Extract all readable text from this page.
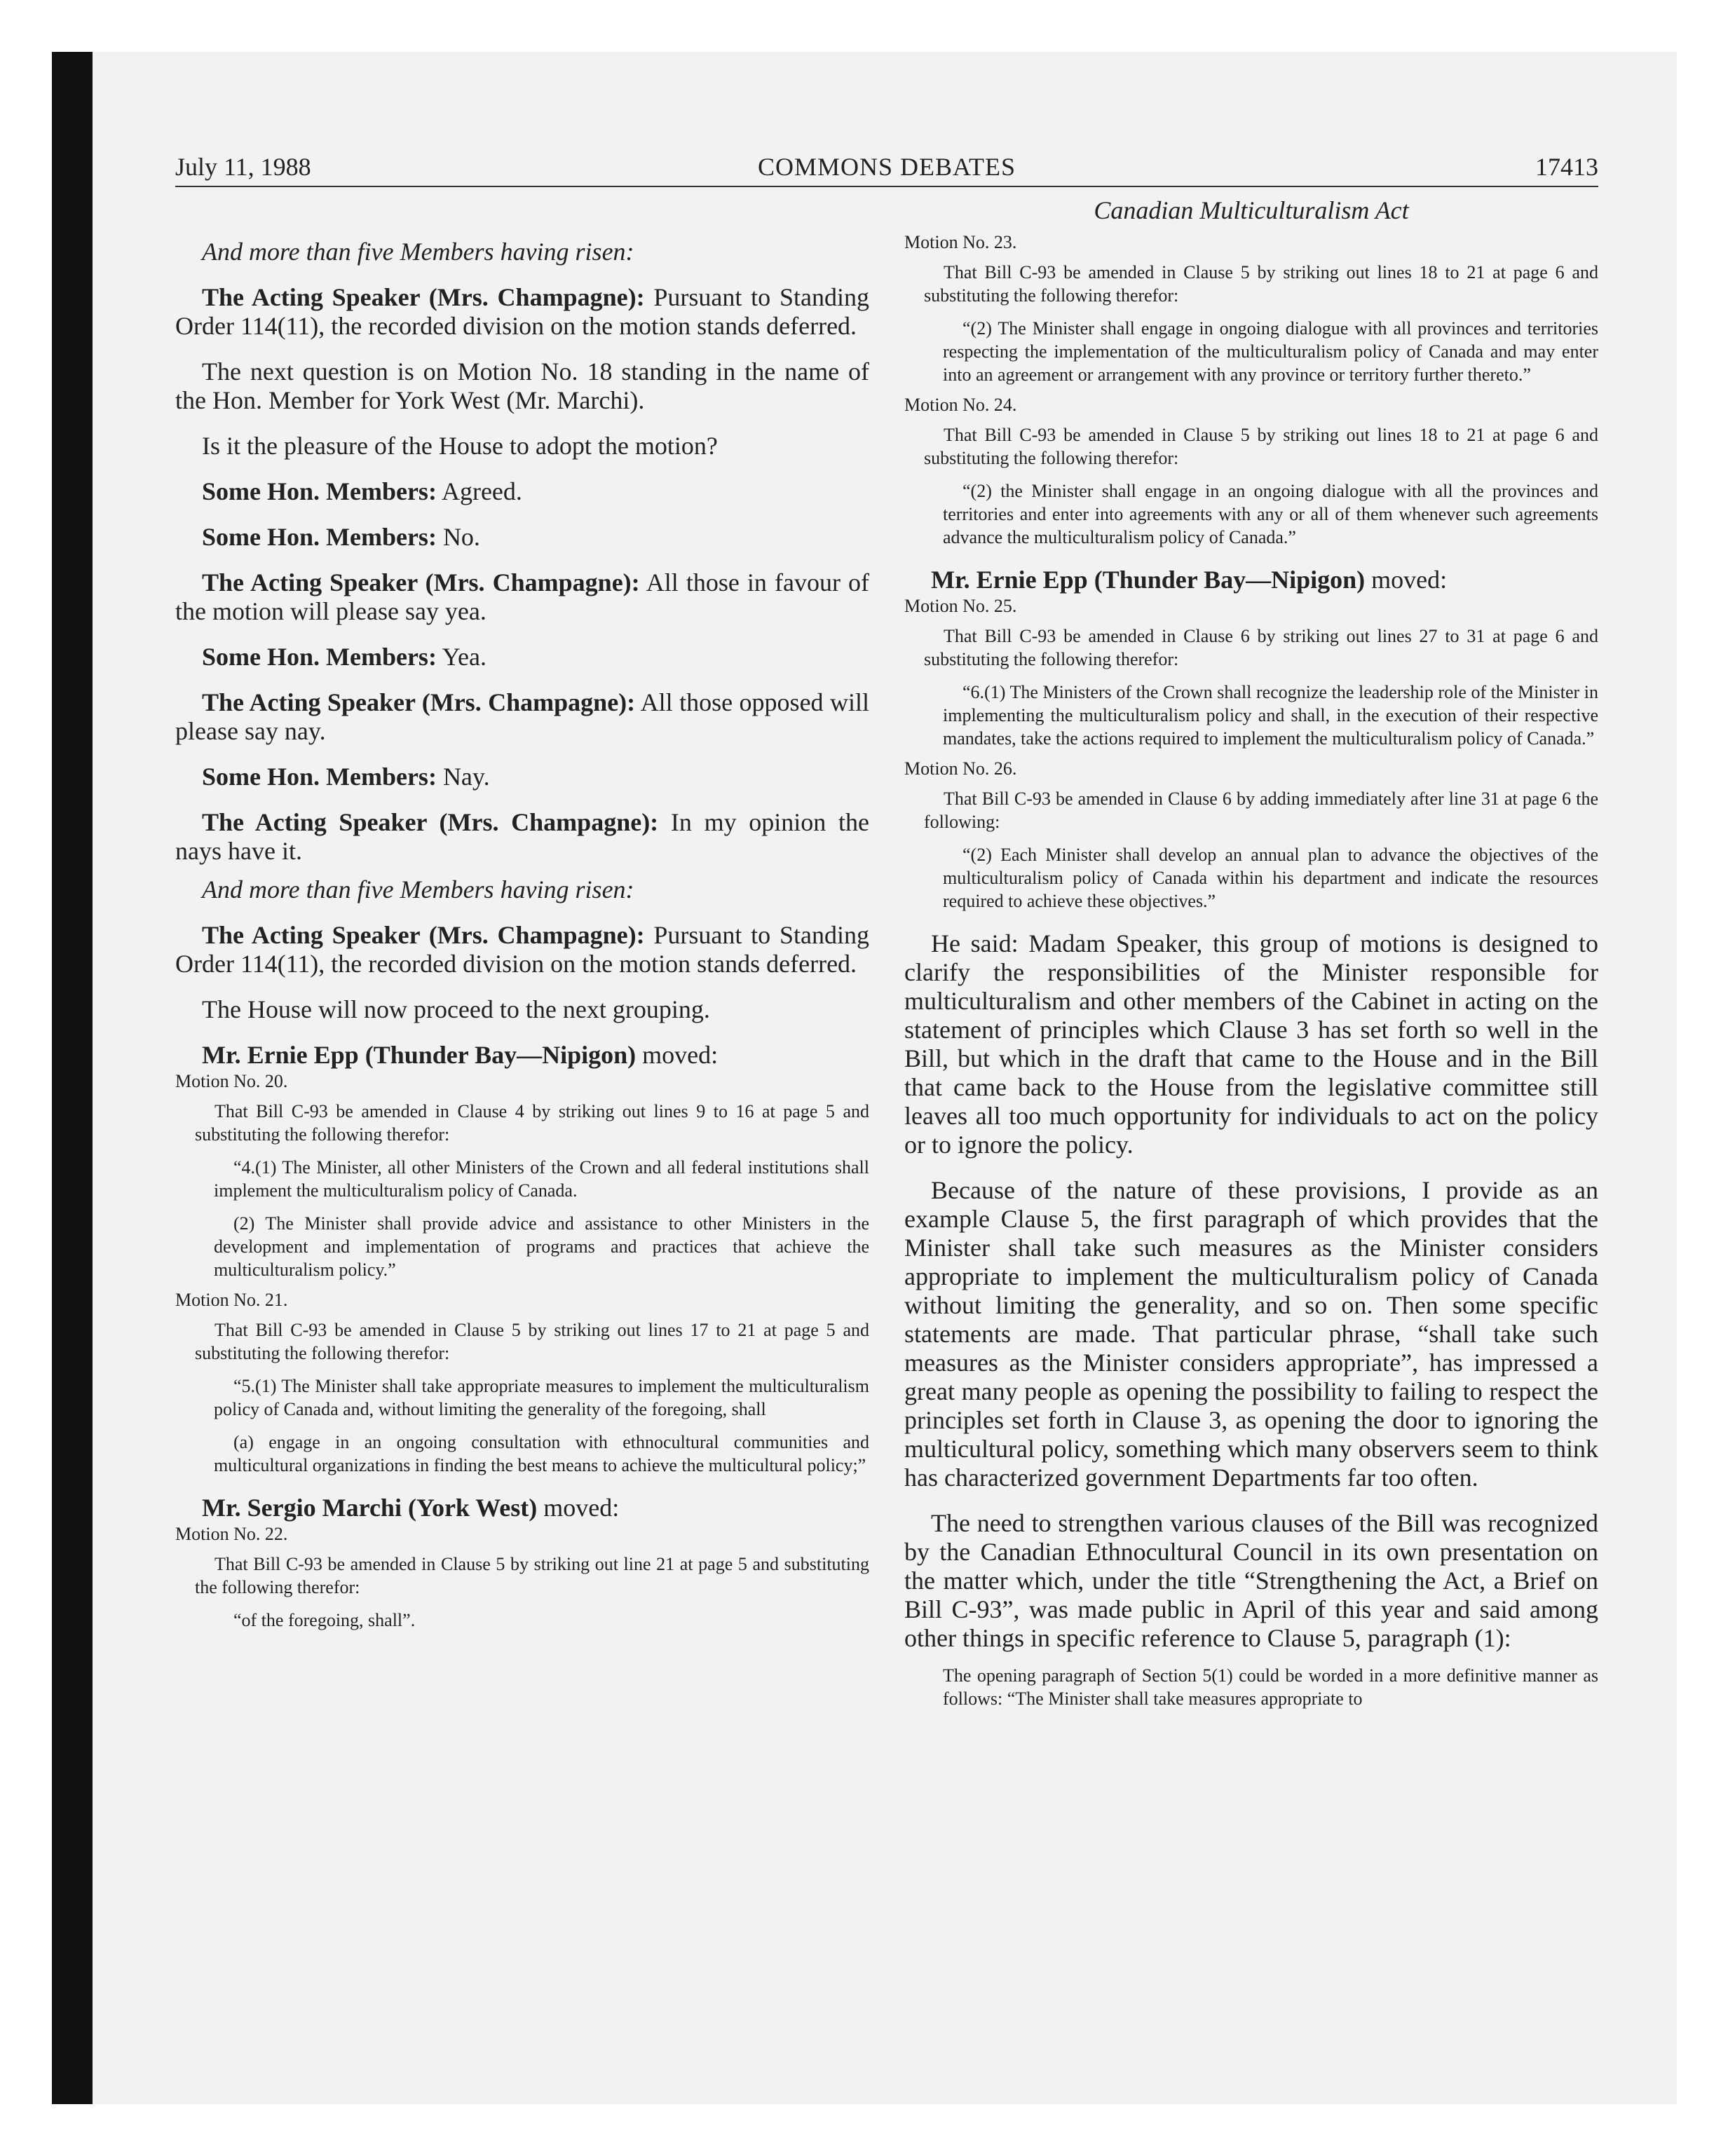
July 11, 1988	COMMONS DEBATES	17413

And more than five Members having risen:

The Acting Speaker (Mrs. Champagne): Pursuant to Standing Order 114(11), the recorded division on the motion stands deferred.

The next question is on Motion No. 18 standing in the name of the Hon. Member for York West (Mr. Marchi).

Is it the pleasure of the House to adopt the motion?

Some Hon. Members: Agreed.

Some Hon. Members: No.

The Acting Speaker (Mrs. Champagne): All those in favour of the motion will please say yea.

Some Hon. Members: Yea.

The Acting Speaker (Mrs. Champagne): All those opposed will please say nay.

Some Hon. Members: Nay.

The Acting Speaker (Mrs. Champagne): In my opinion the nays have it.

And more than five Members having risen:

The Acting Speaker (Mrs. Champagne): Pursuant to Standing Order 114(11), the recorded division on the motion stands deferred.

The House will now proceed to the next grouping.

Mr. Ernie Epp (Thunder Bay—Nipigon) moved:

Motion No. 20.

That Bill C-93 be amended in Clause 4 by striking out lines 9 to 16 at page 5 and substituting the following therefor:

“4.(1) The Minister, all other Ministers of the Crown and all federal institutions shall implement the multiculturalism policy of Canada.

(2) The Minister shall provide advice and assistance to other Ministers in the development and implementation of programs and practices that achieve the multiculturalism policy.”

Motion No. 21.

That Bill C-93 be amended in Clause 5 by striking out lines 17 to 21 at page 5 and substituting the following therefor:

“5.(1) The Minister shall take appropriate measures to implement the multiculturalism policy of Canada and, without limiting the generality of the foregoing, shall

(a) engage in an ongoing consultation with ethnocultural communities and multicultural organizations in finding the best means to achieve the multicultural policy;”

Mr. Sergio Marchi (York West) moved:

Motion No. 22.

That Bill C-93 be amended in Clause 5 by striking out line 21 at page 5 and substituting the following therefor:

“of the foregoing, shall”.

Canadian Multiculturalism Act

Motion No. 23.

That Bill C-93 be amended in Clause 5 by striking out lines 18 to 21 at page 6 and substituting the following therefor:

“(2) The Minister shall engage in ongoing dialogue with all provinces and territories respecting the implementation of the multiculturalism policy of Canada and may enter into an agreement or arrangement with any province or territory further thereto.”

Motion No. 24.

That Bill C-93 be amended in Clause 5 by striking out lines 18 to 21 at page 6 and substituting the following therefor:

“(2) the Minister shall engage in an ongoing dialogue with all the provinces and territories and enter into agreements with any or all of them whenever such agreements advance the multiculturalism policy of Canada.”

Mr. Ernie Epp (Thunder Bay—Nipigon) moved:

Motion No. 25.

That Bill C-93 be amended in Clause 6 by striking out lines 27 to 31 at page 6 and substituting the following therefor:

“6.(1) The Ministers of the Crown shall recognize the leadership role of the Minister in implementing the multiculturalism policy and shall, in the execution of their respective mandates, take the actions required to implement the multiculturalism policy of Canada.”

Motion No. 26.

That Bill C-93 be amended in Clause 6 by adding immediately after line 31 at page 6 the following:

“(2) Each Minister shall develop an annual plan to advance the objectives of the multiculturalism policy of Canada within his department and indicate the resources required to achieve these objectives.”

He said: Madam Speaker, this group of motions is designed to clarify the responsibilities of the Minister responsible for multiculturalism and other members of the Cabinet in acting on the statement of principles which Clause 3 has set forth so well in the Bill, but which in the draft that came to the House and in the Bill that came back to the House from the legislative committee still leaves all too much opportunity for individuals to act on the policy or to ignore the policy.

Because of the nature of these provisions, I provide as an example Clause 5, the first paragraph of which provides that the Minister shall take such measures as the Minister considers appropriate to implement the multiculturalism policy of Canada without limiting the generality, and so on. Then some specific statements are made. That particular phrase, “shall take such measures as the Minister considers appropriate”, has impressed a great many people as opening the possibility to failing to respect the principles set forth in Clause 3, as opening the door to ignoring the multicultural policy, something which many observers seem to think has characterized government Departments far too often.

The need to strengthen various clauses of the Bill was recognized by the Canadian Ethnocultural Council in its own presentation on the matter which, under the title “Strengthening the Act, a Brief on Bill C-93”, was made public in April of this year and said among other things in specific reference to Clause 5, paragraph (1):

The opening paragraph of Section 5(1) could be worded in a more definitive manner as follows: “The Minister shall take measures appropriate to
